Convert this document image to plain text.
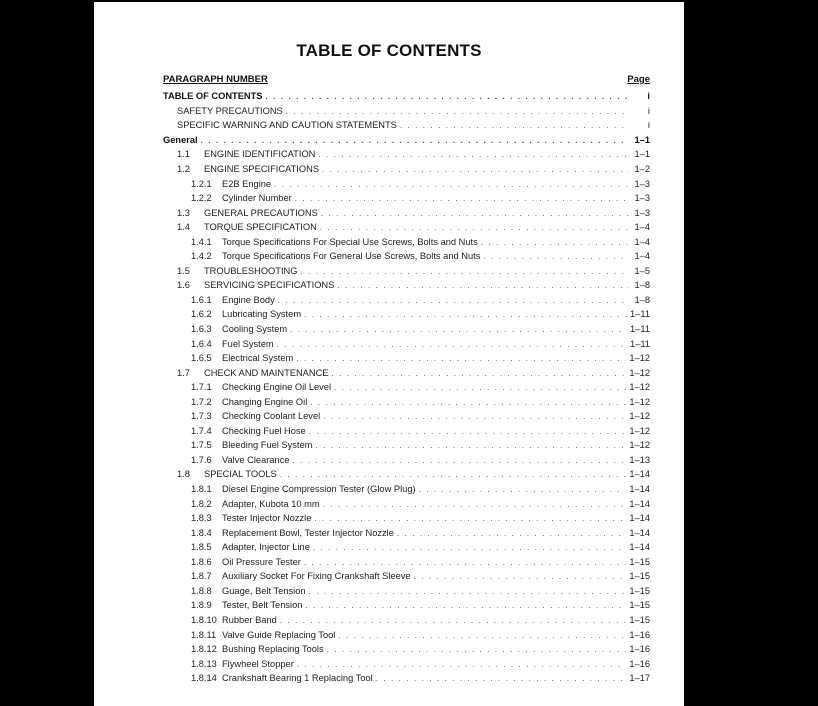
TABLE OF CONTENTS
PARAGRAPH NUMBER	Page
TABLE OF CONTENTS . . .	i
SAFETY PRECAUTIONS . . .	i
SPECIFIC WARNING AND CAUTION STATEMENTS . . .	i
General . . .	1–1
1.1	ENGINE IDENTIFICATION . . .	1–1
1.2	ENGINE SPECIFICATIONS . . .	1–2
1.2.1	E2B Engine . . .	1–3
1.2.2	Cylinder Number . . .	1–3
1.3	GENERAL PRECAUTIONS . . .	1–3
1.4	TORQUE SPECIFICATION . . .	1–4
1.4.1	Torque Specifications For Special Use Screws, Bolts and Nuts . . .	1–4
1.4.2	Torque Specifications For General Use Screws, Bolts and Nuts . . .	1–4
1.5	TROUBLESHOOTING . . .	1–5
1.6	SERVICING SPECIFICATIONS . . .	1–8
1.6.1	Engine Body . . .	1–8
1.6.2	Lubricating System . . .	1–11
1.6.3	Cooling System . . .	1–11
1.6.4	Fuel System . . .	1–11
1.6.5	Electrical System . . .	1–12
1.7	CHECK AND MAINTENANCE . . .	1–12
1.7.1	Checking Engine Oil Level . . .	1–12
1.7.2	Changing Engine Oil . . .	1–12
1.7.3	Checking Coolant Level . . .	1–12
1.7.4	Checking Fuel Hose . . .	1–12
1.7.5	Bleeding Fuel System . . .	1–12
1.7.6	Valve Clearance . . .	1–13
1.8	SPECIAL TOOLS . . .	1–14
1.8.1	Diesel Engine Compression Tester (Glow Plug) . . .	1–14
1.8.2	Adapter, Kubota 10 mm . . .	1–14
1.8.3	Tester Injector Nozzle . . .	1–14
1.8.4	Replacement Bowl, Tester Injector Nozzle . . .	1–14
1.8.5	Adapter, Injector Line . . .	1–14
1.8.6	Oil Pressure Tester . . .	1–15
1.8.7	Auxiliary Socket For Fixing Crankshaft Sleeve . . .	1–15
1.8.8	Guage, Belt Tension . . .	1–15
1.8.9	Tester, Belt Tension . . .	1–15
1.8.10 Rubber Band . . .	1–15
1.8.11 Valve Guide Replacing Tool . . .	1–16
1.8.12 Bushing Replacing Tools . . .	1–16
1.8.13 Flywheel Stopper . . .	1–16
1.8.14 Crankshaft Bearing 1 Replacing Tool . . .	1–17
